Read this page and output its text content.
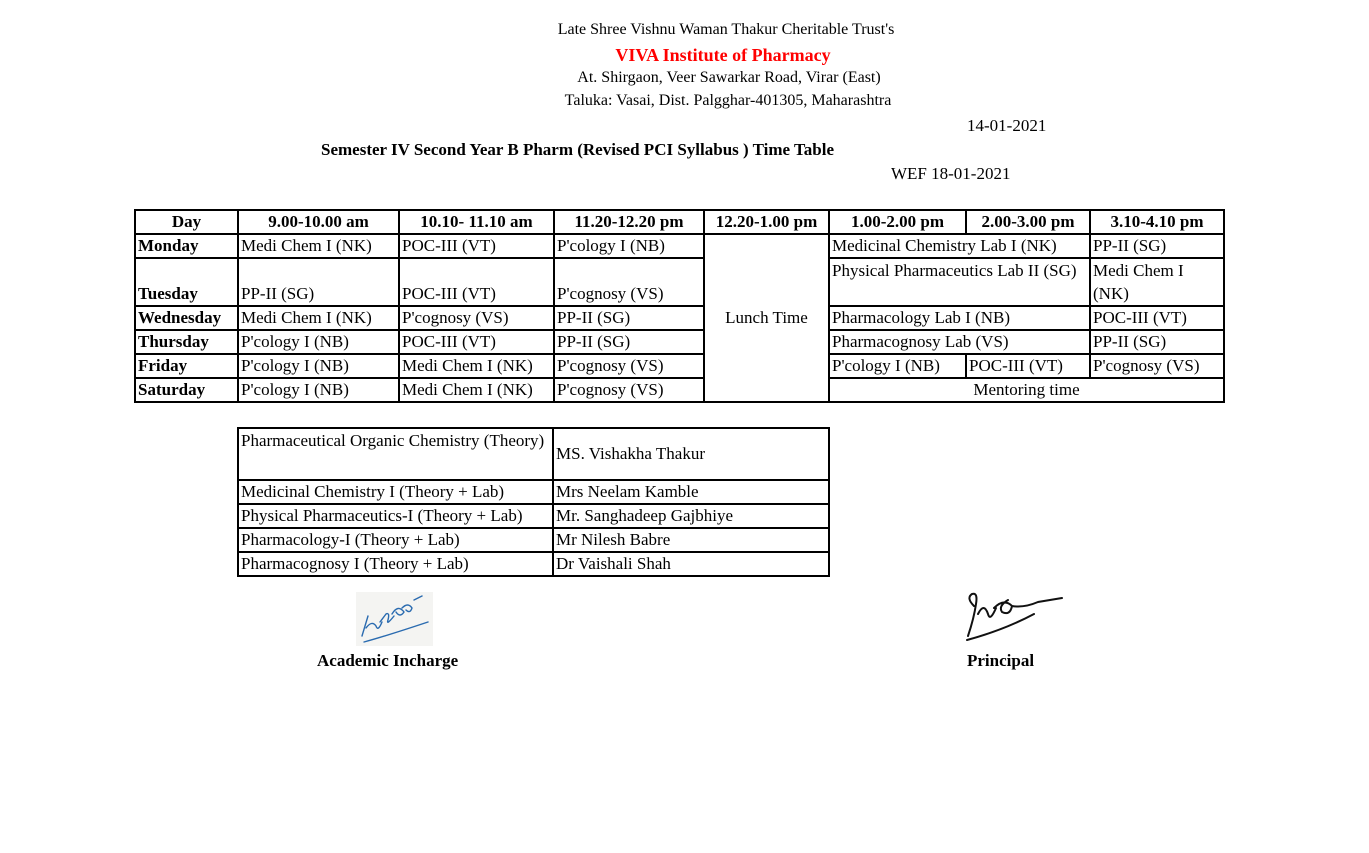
Late Shree Vishnu Waman Thakur Cheritable Trust's
VIVA Institute of Pharmacy
At. Shirgaon, Veer Sawarkar Road, Virar (East)
Taluka: Vasai, Dist. Palgghar-401305, Maharashtra
14-01-2021
Semester IV Second Year B Pharm (Revised PCI Syllabus ) Time Table
WEF 18-01-2021
Day	9.00-10.00 am	10.10- 11.10 am	11.20-12.20 pm	12.20-1.00 pm	1.00-2.00 pm	2.00-3.00 pm	3.10-4.10 pm
Monday	Medi Chem I (NK)	POC-III (VT)	P'cology I (NB)	Lunch Time	Medicinal Chemistry Lab I (NK)		PP-II (SG)
Tuesday	PP-II (SG)	POC-III (VT)	P'cognosy (VS)		Physical Pharmaceutics Lab II (SG)		Medi Chem I (NK)
Wednesday	Medi Chem I (NK)	P'cognosy (VS)	PP-II (SG)		Pharmacology Lab I (NB)		POC-III (VT)
Thursday	P'cology I (NB)	POC-III (VT)	PP-II (SG)		Pharmacognosy Lab (VS)		PP-II (SG)
Friday	P'cology I (NB)	Medi Chem I (NK)	P'cognosy (VS)		P'cology I (NB)	POC-III (VT)	P'cognosy (VS)
Saturday	P'cology I (NB)	Medi Chem I (NK)	P'cognosy (VS)		Mentoring time		
Pharmaceutical Organic Chemistry (Theory)	MS. Vishakha Thakur
Medicinal Chemistry I (Theory + Lab)	Mrs Neelam Kamble
Physical Pharmaceutics-I (Theory + Lab)	Mr. Sanghadeep Gajbhiye
Pharmacology-I (Theory + Lab)	Mr Nilesh Babre
Pharmacognosy I (Theory + Lab)	Dr Vaishali Shah
Academic Incharge	Principal
